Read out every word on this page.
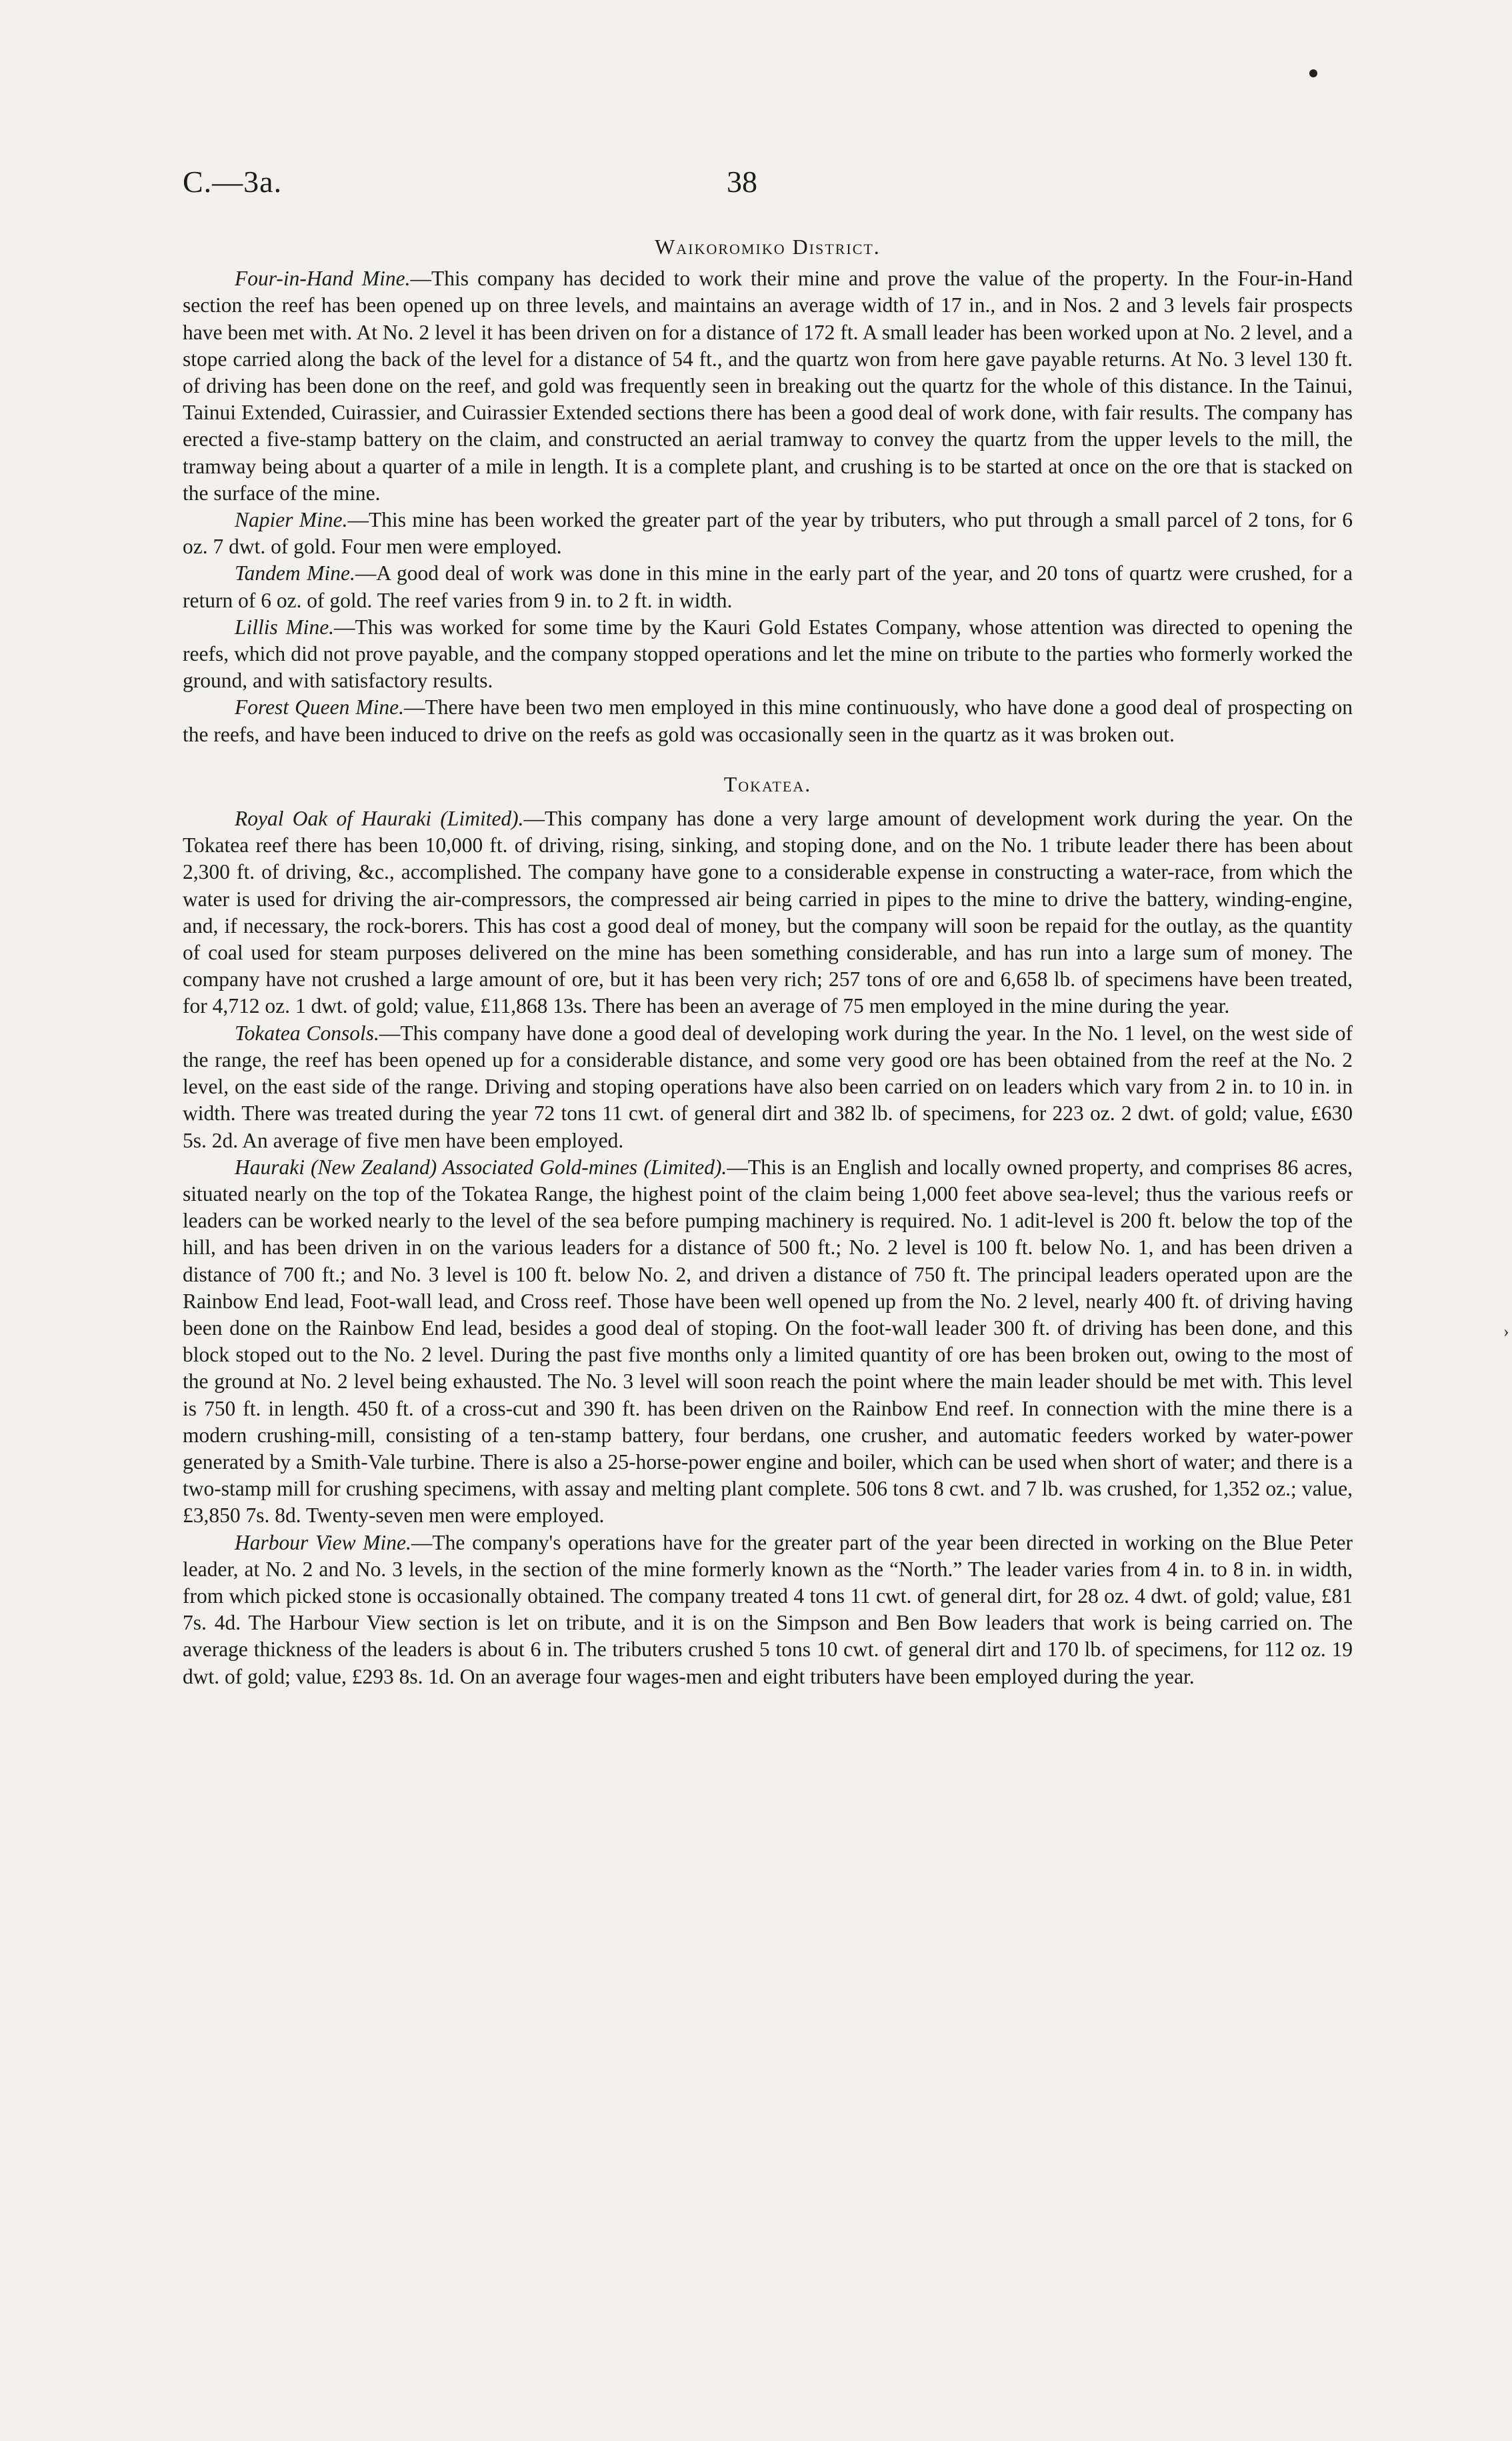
C.—3a.	38
›
Waikoromiko District.

Four-in-Hand Mine.—This company has decided to work their mine and prove the value of the property. In the Four-in-Hand section the reef has been opened up on three levels, and maintains an average width of 17 in., and in Nos. 2 and 3 levels fair prospects have been met with. At No. 2 level it has been driven on for a distance of 172 ft. A small leader has been worked upon at No. 2 level, and a stope carried along the back of the level for a distance of 54 ft., and the quartz won from here gave payable returns. At No. 3 level 130 ft. of driving has been done on the reef, and gold was frequently seen in breaking out the quartz for the whole of this distance. In the Tainui, Tainui Extended, Cuirassier, and Cuirassier Extended sections there has been a good deal of work done, with fair results. The company has erected a five-stamp battery on the claim, and constructed an aerial tramway to convey the quartz from the upper levels to the mill, the tramway being about a quarter of a mile in length. It is a complete plant, and crushing is to be started at once on the ore that is stacked on the surface of the mine.

Napier Mine.—This mine has been worked the greater part of the year by tributers, who put through a small parcel of 2 tons, for 6 oz. 7 dwt. of gold. Four men were employed.

Tandem Mine.—A good deal of work was done in this mine in the early part of the year, and 20 tons of quartz were crushed, for a return of 6 oz. of gold. The reef varies from 9 in. to 2 ft. in width.

Lillis Mine.—This was worked for some time by the Kauri Gold Estates Company, whose attention was directed to opening the reefs, which did not prove payable, and the company stopped operations and let the mine on tribute to the parties who formerly worked the ground, and with satisfactory results.

Forest Queen Mine.—There have been two men employed in this mine continuously, who have done a good deal of prospecting on the reefs, and have been induced to drive on the reefs as gold was occasionally seen in the quartz as it was broken out.

Tokatea.

Royal Oak of Hauraki (Limited).—This company has done a very large amount of development work during the year. On the Tokatea reef there has been 10,000 ft. of driving, rising, sinking, and stoping done, and on the No. 1 tribute leader there has been about 2,300 ft. of driving, &c., accomplished. The company have gone to a considerable expense in constructing a water-race, from which the water is used for driving the air-compressors, the compressed air being carried in pipes to the mine to drive the battery, winding-engine, and, if necessary, the rock-borers. This has cost a good deal of money, but the company will soon be repaid for the outlay, as the quantity of coal used for steam purposes delivered on the mine has been something considerable, and has run into a large sum of money. The company have not crushed a large amount of ore, but it has been very rich; 257 tons of ore and 6,658 lb. of specimens have been treated, for 4,712 oz. 1 dwt. of gold; value, £11,868 13s. There has been an average of 75 men employed in the mine during the year.

Tokatea Consols.—This company have done a good deal of developing work during the year. In the No. 1 level, on the west side of the range, the reef has been opened up for a considerable distance, and some very good ore has been obtained from the reef at the No. 2 level, on the east side of the range. Driving and stoping operations have also been carried on on leaders which vary from 2 in. to 10 in. in width. There was treated during the year 72 tons 11 cwt. of general dirt and 382 lb. of specimens, for 223 oz. 2 dwt. of gold; value, £630 5s. 2d. An average of five men have been employed.

Hauraki (New Zealand) Associated Gold-mines (Limited).—This is an English and locally owned property, and comprises 86 acres, situated nearly on the top of the Tokatea Range, the highest point of the claim being 1,000 feet above sea-level; thus the various reefs or leaders can be worked nearly to the level of the sea before pumping machinery is required. No. 1 adit-level is 200 ft. below the top of the hill, and has been driven in on the various leaders for a distance of 500 ft.; No. 2 level is 100 ft. below No. 1, and has been driven a distance of 700 ft.; and No. 3 level is 100 ft. below No. 2, and driven a distance of 750 ft. The principal leaders operated upon are the Rainbow End lead, Foot-wall lead, and Cross reef. Those have been well opened up from the No. 2 level, nearly 400 ft. of driving having been done on the Rainbow End lead, besides a good deal of stoping. On the foot-wall leader 300 ft. of driving has been done, and this block stoped out to the No. 2 level. During the past five months only a limited quantity of ore has been broken out, owing to the most of the ground at No. 2 level being exhausted. The No. 3 level will soon reach the point where the main leader should be met with. This level is 750 ft. in length. 450 ft. of a cross-cut and 390 ft. has been driven on the Rainbow End reef. In connection with the mine there is a modern crushing-mill, consisting of a ten-stamp battery, four berdans, one crusher, and automatic feeders worked by water-power generated by a Smith-Vale turbine. There is also a 25-horse-power engine and boiler, which can be used when short of water; and there is a two-stamp mill for crushing specimens, with assay and melting plant complete. 506 tons 8 cwt. and 7 lb. was crushed, for 1,352 oz.; value, £3,850 7s. 8d. Twenty-seven men were employed.

Harbour View Mine.—The company's operations have for the greater part of the year been directed in working on the Blue Peter leader, at No. 2 and No. 3 levels, in the section of the mine formerly known as the “North.” The leader varies from 4 in. to 8 in. in width, from which picked stone is occasionally obtained. The company treated 4 tons 11 cwt. of general dirt, for 28 oz. 4 dwt. of gold; value, £81 7s. 4d. The Harbour View section is let on tribute, and it is on the Simpson and Ben Bow leaders that work is being carried on. The average thickness of the leaders is about 6 in. The tributers crushed 5 tons 10 cwt. of general dirt and 170 lb. of specimens, for 112 oz. 19 dwt. of gold; value, £293 8s. 1d. On an average four wages-men and eight tributers have been employed during the year.
